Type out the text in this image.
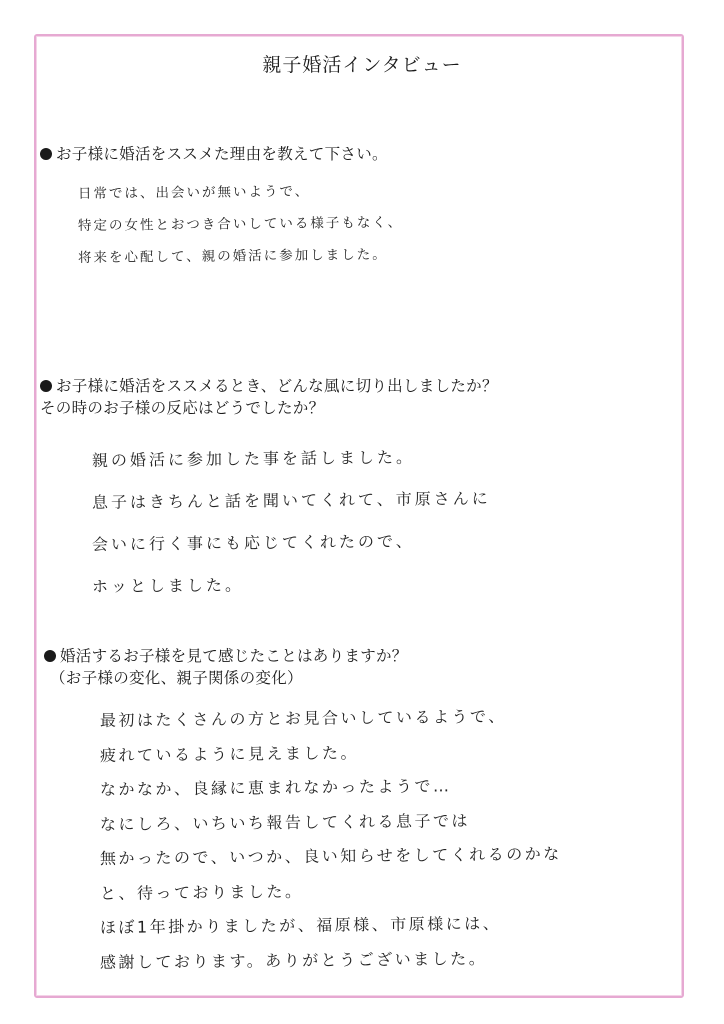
親子婚活インタビュー
お子様に婚活をススメた理由を教えて下さい。
日常では、出会いが無いようで、
特定の女性とおつき合いしている様子もなく、
将来を心配して、親の婚活に参加しました。
お子様に婚活をススメるとき、どんな風に切り出しましたか？
その時のお子様の反応はどうでしたか？
親の婚活に参加した事を話しました。
息子はきちんと話を聞いてくれて、市原さんに
会いに行く事にも応じてくれたので、
ホッとしました。
婚活するお子様を見て感じたことはありますか？
（お子様の変化、親子関係の変化）
最初はたくさんの方とお見合いしているようで、
疲れているように見えました。
なかなか、良縁に恵まれなかったようで…
なにしろ、いちいち報告してくれる息子では
無かったので、いつか、良い知らせをしてくれるのかな
と、待っておりました。
ほぼ1年掛かりましたが、福原様、市原様には、
感謝しております。ありがとうございました。
